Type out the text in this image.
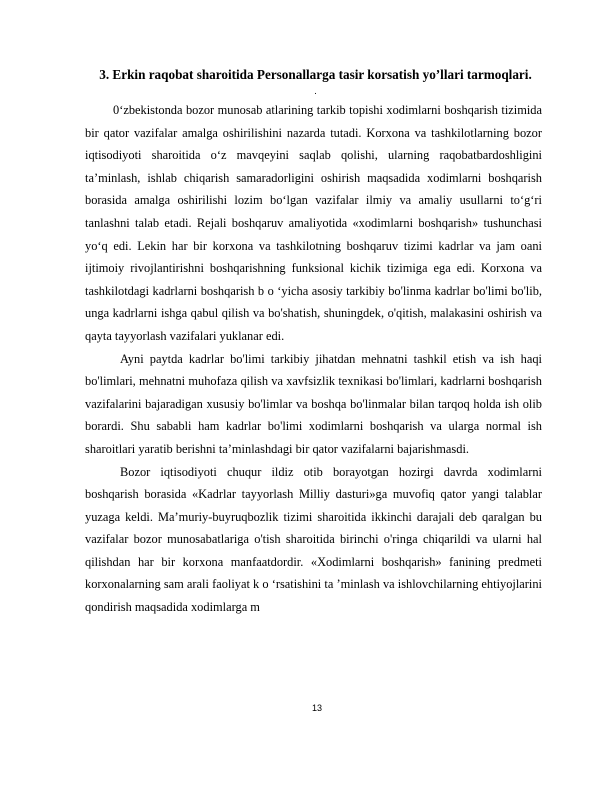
3. Erkin raqobat sharoitida Personallarga tasir korsatish yo’llari tarmoqlari.

.

0‘zbekistonda bozor munosab atlarining tarkib topishi xodimlarni boshqarish tizimida bir qator vazifalar amalga oshirilishini nazarda tutadi. Korxona va tashkilotlarning bozor iqtisodiyoti sharoitida o‘z mavqeyini saqlab qolishi, ularning raqobatbardoshligini ta’minlash, ishlab chiqarish samaradorligini oshirish maqsadida xodimlarni boshqarish borasida amalga oshirilishi lozim bo‘lgan vazifalar ilmiy va amaliy usullarni to‘g‘ri tanlashni talab etadi. Rejali boshqaruv amaliyotida «xodimlarni boshqarish» tushunchasi yo‘q edi. Lekin har bir korxona va tashkilotning boshqaruv tizimi kadrlar va jam oani ijtimoiy rivojlantirishni boshqarishning funksional kichik tizimiga ega edi. Korxona va tashkilotdagi kadrlarni boshqarish b o ‘yicha asosiy tarkibiy bo'linma kadrlar bo'limi bo'lib, unga kadrlarni ishga qabul qilish va bo'shatish, shuningdek, o'qitish, malakasini oshirish va qayta tayyorlash vazifalari yuklanar edi.

Ayni paytda kadrlar bo'limi tarkibiy jihatdan mehnatni tashkil etish va ish haqi bo'limlari, mehnatni muhofaza qilish va xavfsizlik texnikasi bo'limlari, kadrlarni boshqarish vazifalarini bajaradigan xususiy bo'limlar va boshqa bo'linmalar bilan tarqoq holda ish olib borardi. Shu sababli ham kadrlar bo'limi xodimlarni boshqarish va ularga normal ish sharoitlari yaratib berishni ta’minlashdagi bir qator vazifalarni bajarishmasdi.

Bozor iqtisodiyoti chuqur ildiz otib borayotgan hozirgi davrda xodimlarni boshqarish borasida «Kadrlar tayyorlash Milliy dasturi»ga muvofiq qator yangi talablar yuzaga keldi. Ma’muriy-buyruqbozlik tizimi sharoitida ikkinchi darajali deb qaralgan bu vazifalar bozor munosabatlariga o'tish sharoitida birinchi o'ringa chiqarildi va ularni hal qilishdan har bir korxona manfaatdordir. «Xodimlarni boshqarish» fanining predmeti korxonalarning sam arali faoliyat k o ‘rsatishini ta ’minlash va ishlovchilarning ehtiyojlarini qondirish maqsadida xodimlarga m

13
